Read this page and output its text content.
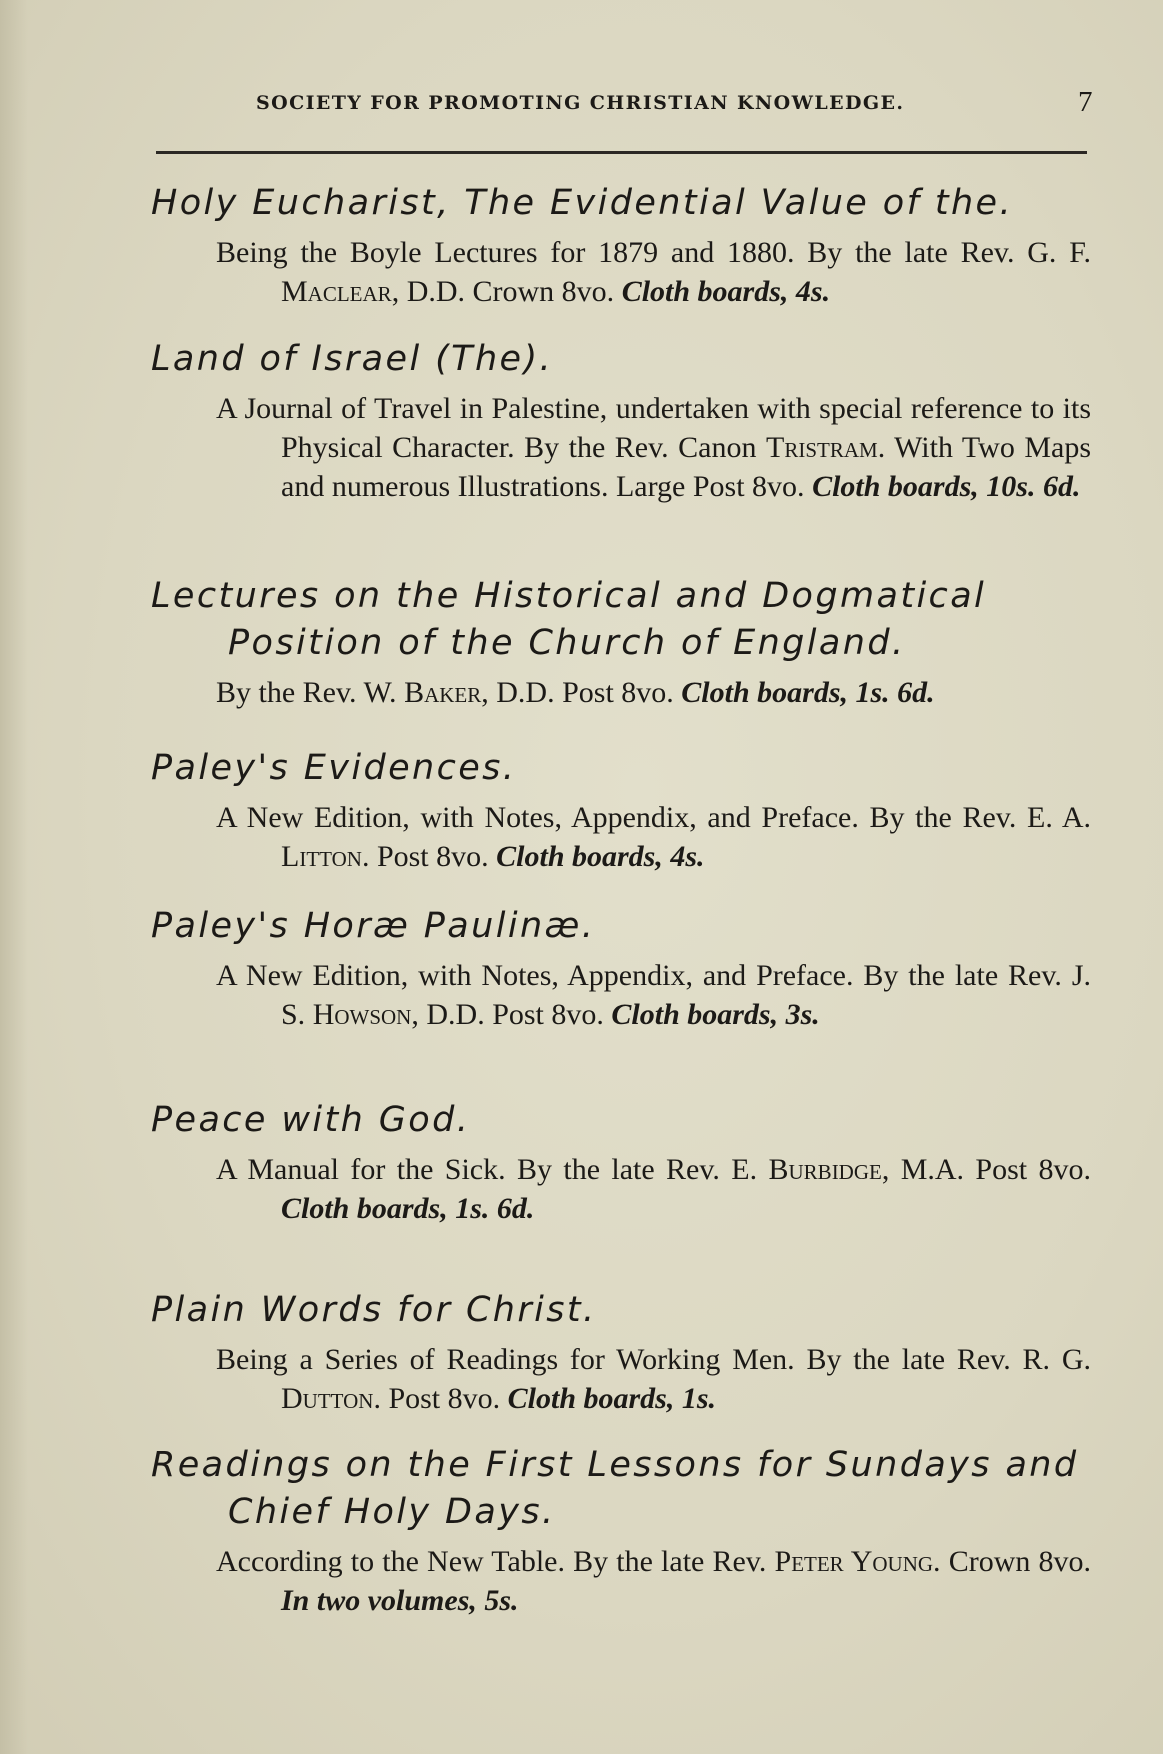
SOCIETY FOR PROMOTING CHRISTIAN KNOWLEDGE.	7
Holy Eucharist, The Evidential Value of the.
Being the Boyle Lectures for 1879 and 1880. By the late Rev. G. F. Maclear, D.D. Crown 8vo. Cloth boards, 4s.
Land of Israel (The).
A Journal of Travel in Palestine, undertaken with special reference to its Physical Character. By the Rev. Canon Tristram. With Two Maps and numerous Illustrations. Large Post 8vo. Cloth boards, 10s. 6d.
Lectures on the Historical and Dogmatical Position of the Church of England.
By the Rev. W. Baker, D.D. Post 8vo. Cloth boards, 1s. 6d.
Paley's Evidences.
A New Edition, with Notes, Appendix, and Preface. By the Rev. E. A. Litton. Post 8vo. Cloth boards, 4s.
Paley's Horæ Paulinæ.
A New Edition, with Notes, Appendix, and Preface. By the late Rev. J. S. Howson, D.D. Post 8vo. Cloth boards, 3s.
Peace with God.
A Manual for the Sick. By the late Rev. E. Burbidge, M.A. Post 8vo. Cloth boards, 1s. 6d.
Plain Words for Christ.
Being a Series of Readings for Working Men. By the late Rev. R. G. Dutton. Post 8vo. Cloth boards, 1s.
Readings on the First Lessons for Sundays and Chief Holy Days.
According to the New Table. By the late Rev. Peter Young. Crown 8vo. In two volumes, 5s.
